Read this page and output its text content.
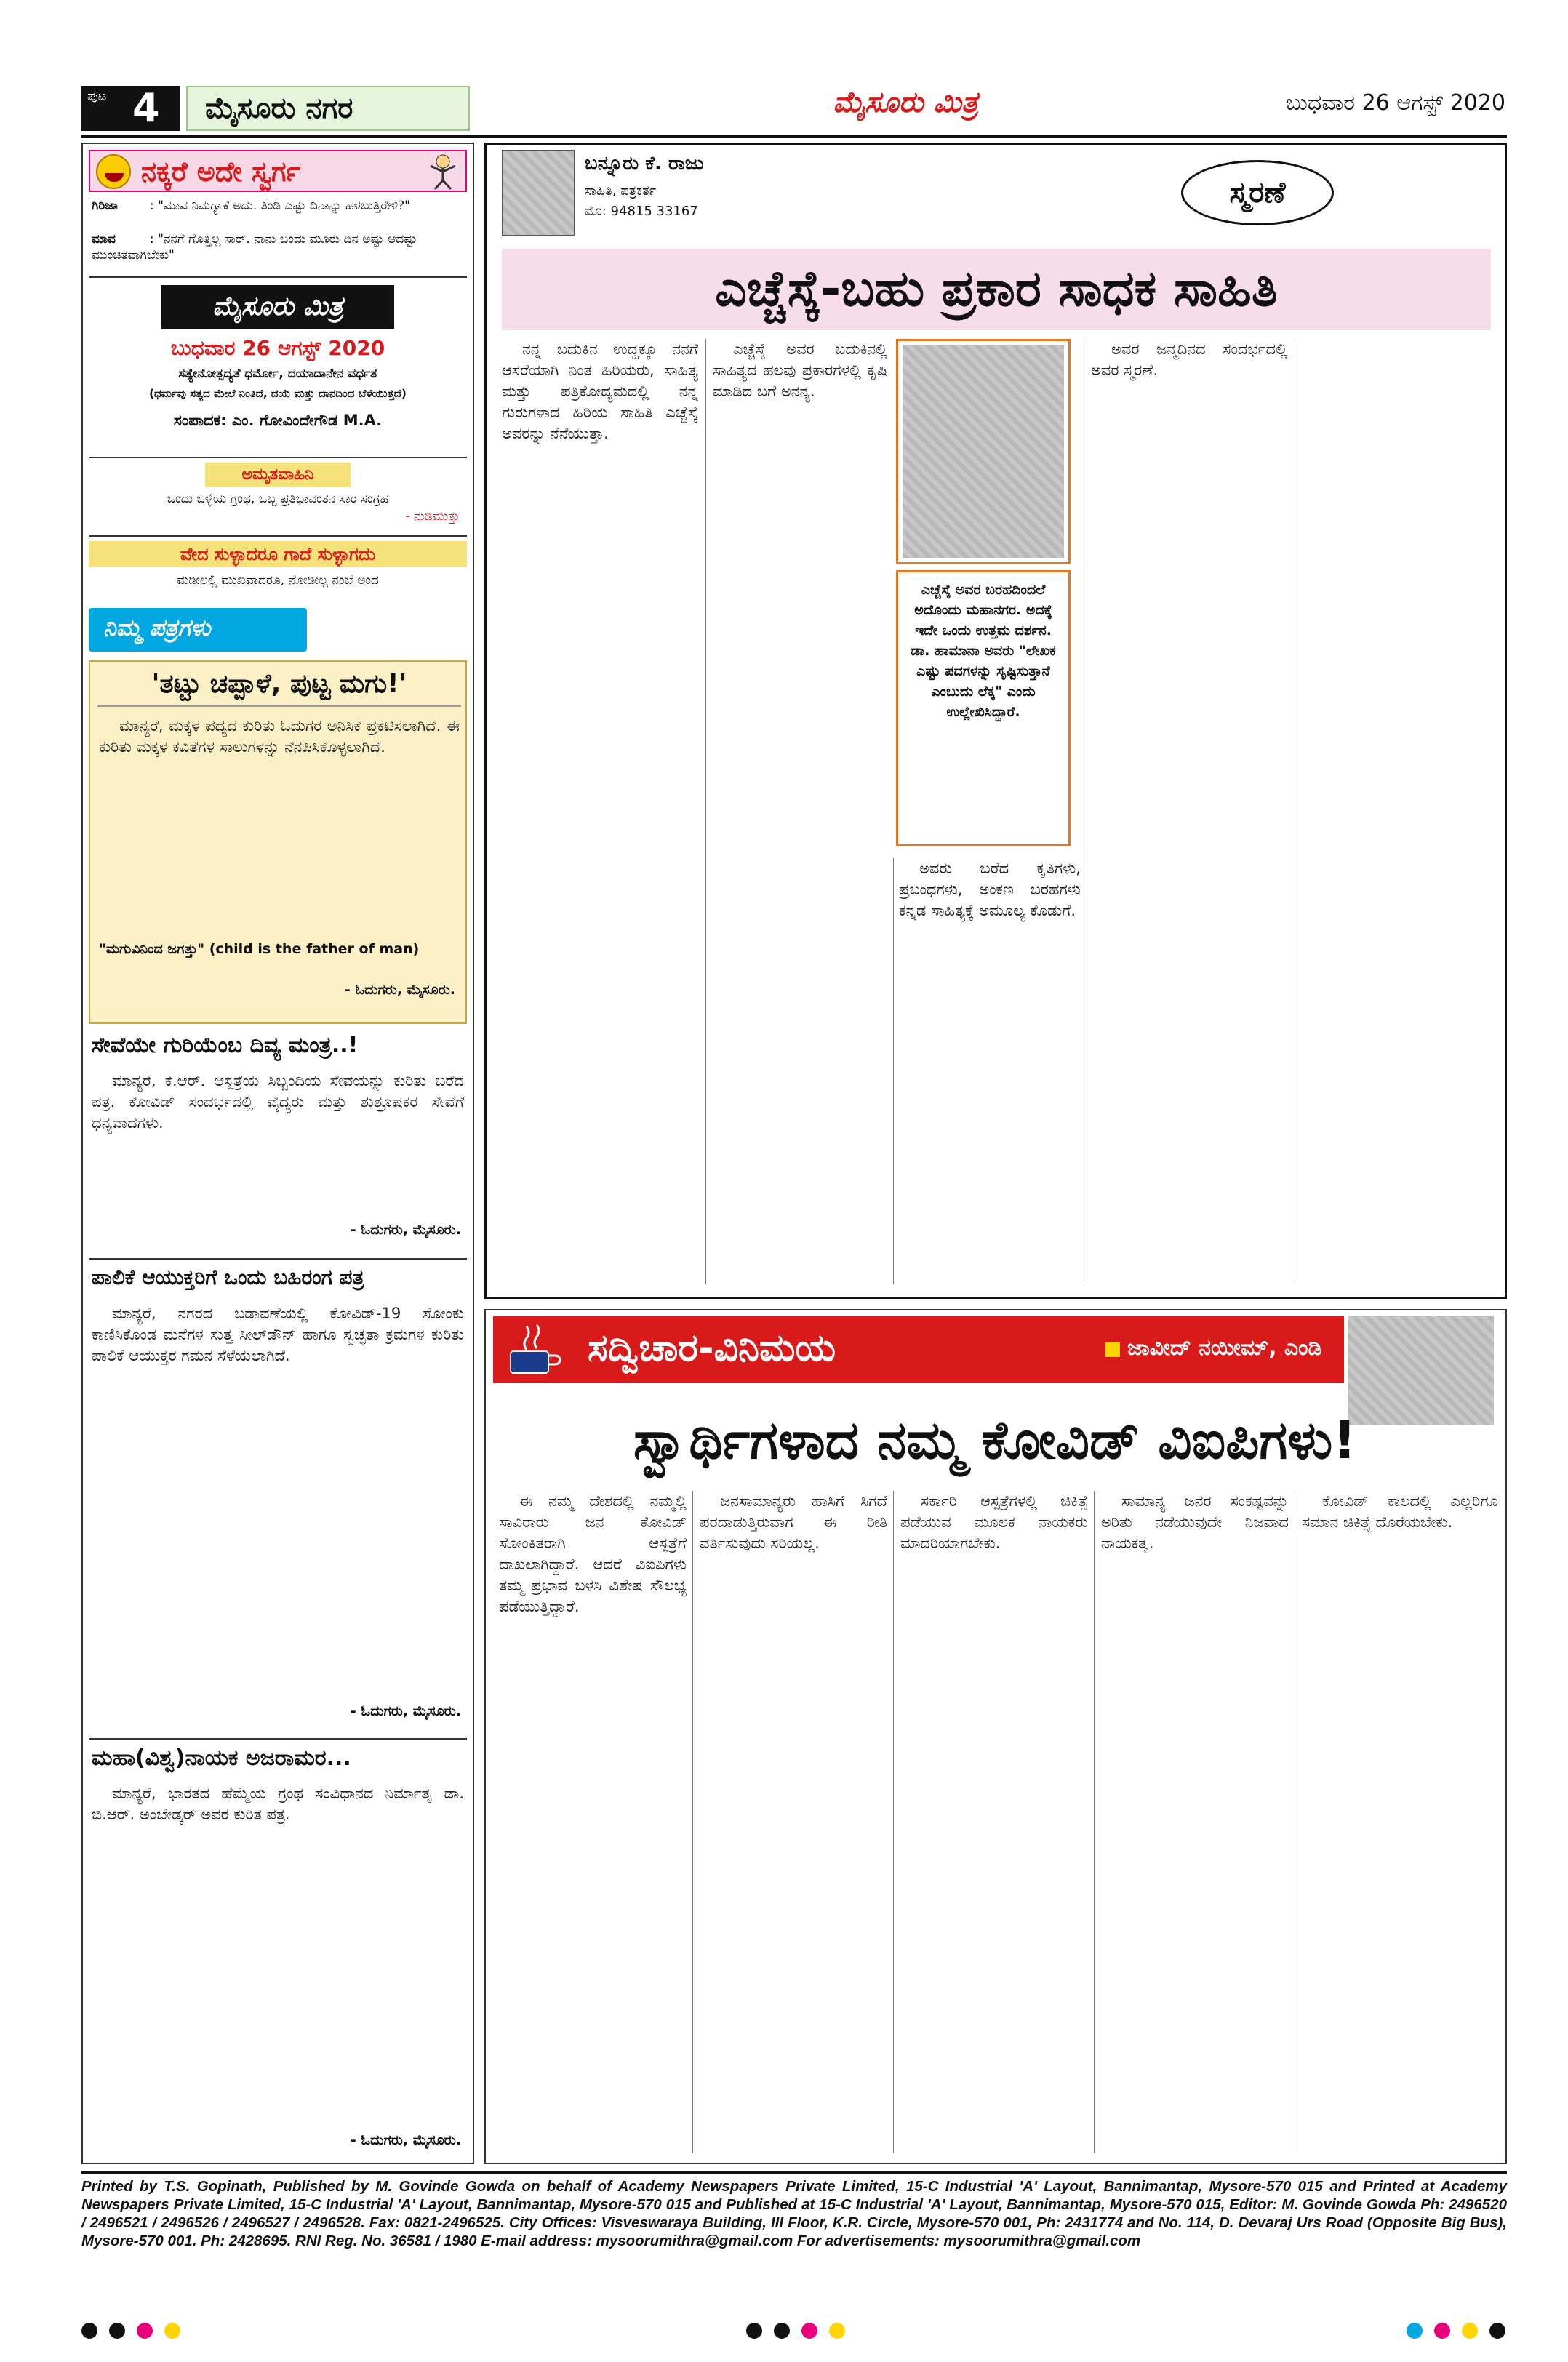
ಪುಟ 4 ಮೈಸೂರು ನಗರ	ಮೈಸೂರು ಮಿತ್ರ	ಬುಧವಾರ 26 ಆಗಸ್ಟ್ 2020
ನಕ್ಕರೆ ಅದೇ ಸ್ವರ್ಗ
ಗಿರಿಜಾ	: "ಮಾವ ನಿಮಗ್ಯಾಕೆ ಅದು. ತಿಂಡಿ ಎಷ್ಟು ದಿನಾನ್ನು ಹಳಬುತ್ತಿರೇಳಿ?"
ಮಾವ	: "ನನಗೆ ಗೊತ್ತಿಲ್ಲ ಸಾರ್. ನಾನು ಬಂದು ಮೂರು ದಿನ ಅಷ್ಟು ಆದಷ್ಟು ಮುಂಚಿತವಾಗಿಬೇಕು"
ಮೈಸೂರು ಮಿತ್ರ
ಬುಧವಾರ 26 ಆಗಸ್ಟ್ 2020
ಸತ್ಯೇನೋತ್ಪದ್ಯತೆ ಧರ್ಮೋ, ದಯಾದಾನೇನ ವರ್ಧತೆ
(ಧರ್ಮವು ಸತ್ಯದ ಮೇಲೆ ನಿಂತಿದೆ, ದಯೆ ಮತ್ತು ದಾನದಿಂದ ಬೆಳೆಯುತ್ತದೆ)
ಸಂಪಾದಕ: ಎಂ. ಗೋವಿಂದೇಗೌಡ M.A.
ಅಮೃತವಾಹಿನಿ
ಒಂದು ಒಳ್ಳೆಯ ಗ್ರಂಥ, ಒಬ್ಬ ಪ್ರತಿಭಾವಂತನ ಸಾರ ಸಂಗ್ರಹ
- ನುಡಿಮುತ್ತು
ವೇದ ಸುಳ್ಳಾದರೂ ಗಾದೆ ಸುಳ್ಳಾಗದು
ಮಡೀಲಲ್ಲಿ ಮುಖವಾದರೂ, ನೋಡೀಲ್ಲ ನಂಬೆ ಅಂದ
ನಿಮ್ಮ ಪತ್ರಗಳು
'ತಟ್ಟು ಚಪ್ಪಾಳೆ, ಪುಟ್ಟ ಮಗು!'

ಮಾನ್ಯರೆ, ಮಕ್ಕಳ ಪದ್ಯದ ಕುರಿತು ಓದುಗರ ಅನಿಸಿಕೆ ಪ್ರಕಟಿಸಲಾಗಿದೆ. ಈ ಕುರಿತು ಮಕ್ಕಳ ಕವಿತೆಗಳ ಸಾಲುಗಳನ್ನು ನೆನಪಿಸಿಕೊಳ್ಳಲಾಗಿದೆ.

"ಮಗುವಿನಿಂದ ಜಗತ್ತು" (child is the father of man)
- ಓದುಗರು, ಮೈಸೂರು.
ಸೇವೆಯೇ ಗುರಿಯೆಂಬ ದಿವ್ಯ ಮಂತ್ರ..!

ಮಾನ್ಯರೆ, ಕೆ.ಆರ್. ಆಸ್ಪತ್ರೆಯ ಸಿಬ್ಬಂದಿಯ ಸೇವೆಯನ್ನು ಕುರಿತು ಬರೆದ ಪತ್ರ. ಕೋವಿಡ್ ಸಂದರ್ಭದಲ್ಲಿ ವೈದ್ಯರು ಮತ್ತು ಶುಶ್ರೂಷಕರ ಸೇವೆಗೆ ಧನ್ಯವಾದಗಳು.

- ಓದುಗರು, ಮೈಸೂರು.
ಪಾಲಿಕೆ ಆಯುಕ್ತರಿಗೆ ಒಂದು ಬಹಿರಂಗ ಪತ್ರ

ಮಾನ್ಯರೆ, ನಗರದ ಬಡಾವಣೆಯಲ್ಲಿ ಕೋವಿಡ್-19 ಸೋಂಕು ಕಾಣಿಸಿಕೊಂಡ ಮನೆಗಳ ಸುತ್ತ ಸೀಲ್‌ಡೌನ್ ಹಾಗೂ ಸ್ವಚ್ಛತಾ ಕ್ರಮಗಳ ಕುರಿತು ಪಾಲಿಕೆ ಆಯುಕ್ತರ ಗಮನ ಸೆಳೆಯಲಾಗಿದೆ.

- ಓದುಗರು, ಮೈಸೂರು.
ಮಹಾ(ವಿಶ್ವ)ನಾಯಕ ಅಜರಾಮರ...

ಮಾನ್ಯರೆ, ಭಾರತದ ಹೆಮ್ಮೆಯ ಗ್ರಂಥ ಸಂವಿಧಾನದ ನಿರ್ಮಾತೃ ಡಾ. ಬಿ.ಆರ್. ಅಂಬೇಡ್ಕರ್ ಅವರ ಕುರಿತ ಪತ್ರ.

- ಓದುಗರು, ಮೈಸೂರು.
ಬನ್ನೂರು ಕೆ. ರಾಜು
ಸಾಹಿತಿ, ಪತ್ರಕರ್ತ
ಮೊ: 94815 33167
ಸ್ಮರಣೆ
ಎಚ್ಚೆಸ್ಕೆ-ಬಹು ಪ್ರಕಾರ ಸಾಧಕ ಸಾಹಿತಿ

ನನ್ನ ಬದುಕಿನ ಉದ್ದಕ್ಕೂ ನನಗೆ ಆಸರೆಯಾಗಿ ನಿಂತ ಹಿರಿಯರು, ಸಾಹಿತ್ಯ ಮತ್ತು ಪತ್ರಿಕೋದ್ಯಮದಲ್ಲಿ ನನ್ನ ಗುರುಗಳಾದ ಹಿರಿಯ ಸಾಹಿತಿ ಎಚ್ಚೆಸ್ಕೆ ಅವರನ್ನು ನೆನೆಯುತ್ತಾ.

ಎಚ್ಚೆಸ್ಕೆ ಅವರ ಬದುಕಿನಲ್ಲಿ ಸಾಹಿತ್ಯದ ಹಲವು ಪ್ರಕಾರಗಳಲ್ಲಿ ಕೃಷಿ ಮಾಡಿದ ಬಗೆ ಅನನ್ಯ.

ಎಚ್ಚೆಸ್ಕೆ ಅವರ ಬರಹದಿಂದಲೆ ಅದೊಂದು ಮಹಾನಗರ. ಅದಕ್ಕೆ ಇದೇ ಒಂದು ಉತ್ತಮ ದರ್ಶನ. ಡಾ. ಹಾಮಾನಾ ಅವರು "ಲೇಖಕ ಎಷ್ಟು ಪದಗಳನ್ನು ಸೃಷ್ಟಿಸುತ್ತಾನೆ ಎಂಬುದು ಲೆಕ್ಕ" ಎಂದು ಉಲ್ಲೇಖಿಸಿದ್ದಾರೆ.

ಅವರು ಬರೆದ ಕೃತಿಗಳು, ಪ್ರಬಂಧಗಳು, ಅಂಕಣ ಬರಹಗಳು ಕನ್ನಡ ಸಾಹಿತ್ಯಕ್ಕೆ ಅಮೂಲ್ಯ ಕೊಡುಗೆ.

ಅವರ ಜನ್ಮದಿನದ ಸಂದರ್ಭದಲ್ಲಿ ಅವರ ಸ್ಮರಣೆ.

ಸದ್ವಿಚಾರ-ವಿನಿಮಯ	ಜಾವೀದ್ ನಯೀಮ್, ಎಂಡಿ
ಸ್ವಾರ್ಥಿಗಳಾದ ನಮ್ಮ ಕೋವಿಡ್ ವಿಐಪಿಗಳು!

ಈ ನಮ್ಮ ದೇಶದಲ್ಲಿ ನಮ್ಮಲ್ಲಿ ಸಾವಿರಾರು ಜನ ಕೋವಿಡ್ ಸೋಂಕಿತರಾಗಿ ಆಸ್ಪತ್ರೆಗೆ ದಾಖಲಾಗಿದ್ದಾರೆ. ಆದರೆ ವಿಐಪಿಗಳು ತಮ್ಮ ಪ್ರಭಾವ ಬಳಸಿ ವಿಶೇಷ ಸೌಲಭ್ಯ ಪಡೆಯುತ್ತಿದ್ದಾರೆ.

ಜನಸಾಮಾನ್ಯರು ಹಾಸಿಗೆ ಸಿಗದೆ ಪರದಾಡುತ್ತಿರುವಾಗ ಈ ರೀತಿ ವರ್ತಿಸುವುದು ಸರಿಯಲ್ಲ.

ಸರ್ಕಾರಿ ಆಸ್ಪತ್ರೆಗಳಲ್ಲಿ ಚಿಕಿತ್ಸೆ ಪಡೆಯುವ ಮೂಲಕ ನಾಯಕರು ಮಾದರಿಯಾಗಬೇಕು.

ಸಾಮಾನ್ಯ ಜನರ ಸಂಕಷ್ಟವನ್ನು ಅರಿತು ನಡೆಯುವುದೇ ನಿಜವಾದ ನಾಯಕತ್ವ.

ಕೋವಿಡ್ ಕಾಲದಲ್ಲಿ ಎಲ್ಲರಿಗೂ ಸಮಾನ ಚಿಕಿತ್ಸೆ ದೊರೆಯಬೇಕು.

Printed by T.S. Gopinath, Published by M. Govinde Gowda on behalf of Academy Newspapers Private Limited, 15-C Industrial 'A' Layout, Bannimantap, Mysore-570 015 and Printed at Academy Newspapers Private Limited, 15-C Industrial 'A' Layout, Bannimantap, Mysore-570 015 and Published at 15-C Industrial 'A' Layout, Bannimantap, Mysore-570 015, Editor: M. Govinde Gowda Ph: 2496520 / 2496521 / 2496526 / 2496527 / 2496528. Fax: 0821-2496525. City Offices: Visveswaraya Building, III Floor, K.R. Circle, Mysore-570 001, Ph: 2431774 and No. 114, D. Devaraj Urs Road (Opposite Big Bus), Mysore-570 001. Ph: 2428695. RNI Reg. No. 36581 / 1980 E-mail address: mysoorumithra@gmail.com For advertisements: mysoorumithra@gmail.com
